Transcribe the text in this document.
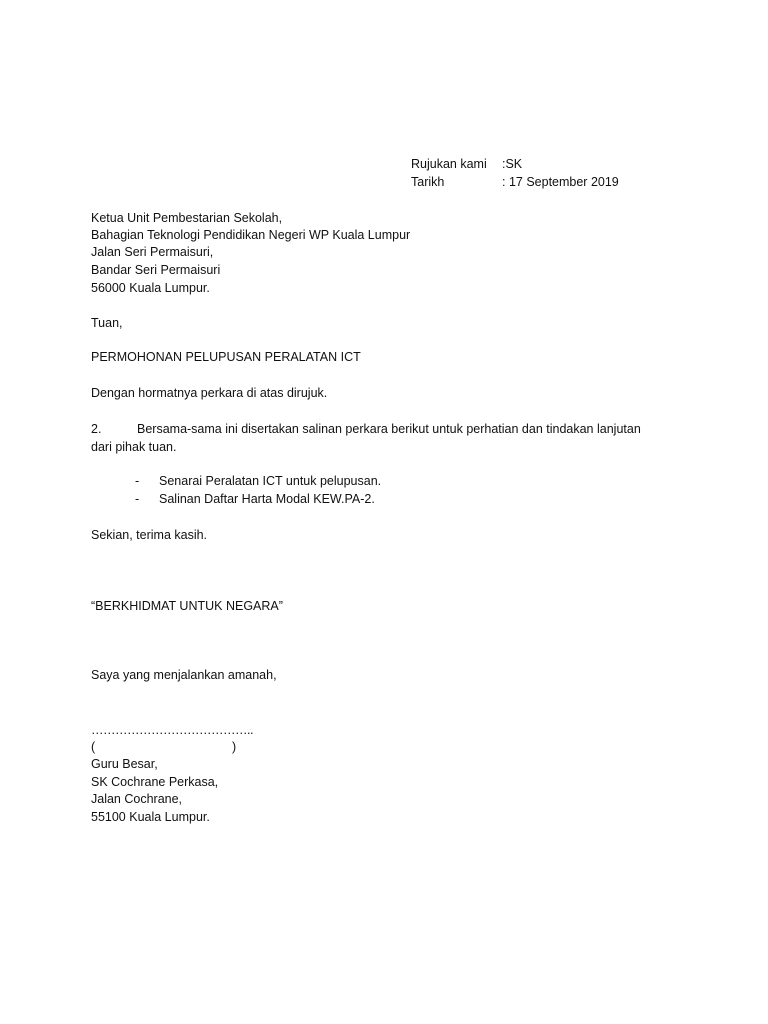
Rujukan kami :SK
Tarikh	: 17 September 2019
Ketua Unit Pembestarian Sekolah,
Bahagian Teknologi Pendidikan Negeri WP Kuala Lumpur
Jalan Seri Permaisuri,
Bandar Seri Permaisuri
56000 Kuala Lumpur.
Tuan,
PERMOHONAN PELUPUSAN PERALATAN ICT
Dengan hormatnya perkara di atas dirujuk.
2.	Bersama-sama ini disertakan salinan perkara berikut untuk perhatian dan tindakan lanjutan
dari pihak tuan.
- Senarai Peralatan ICT untuk pelupusan.
- Salinan Daftar Harta Modal KEW.PA-2.
Sekian, terima kasih.
“BERKHIDMAT UNTUK NEGARA”
Saya yang menjalankan amanah,
…………………………………..
(	)
Guru Besar,
SK Cochrane Perkasa,
Jalan Cochrane,
55100 Kuala Lumpur.
